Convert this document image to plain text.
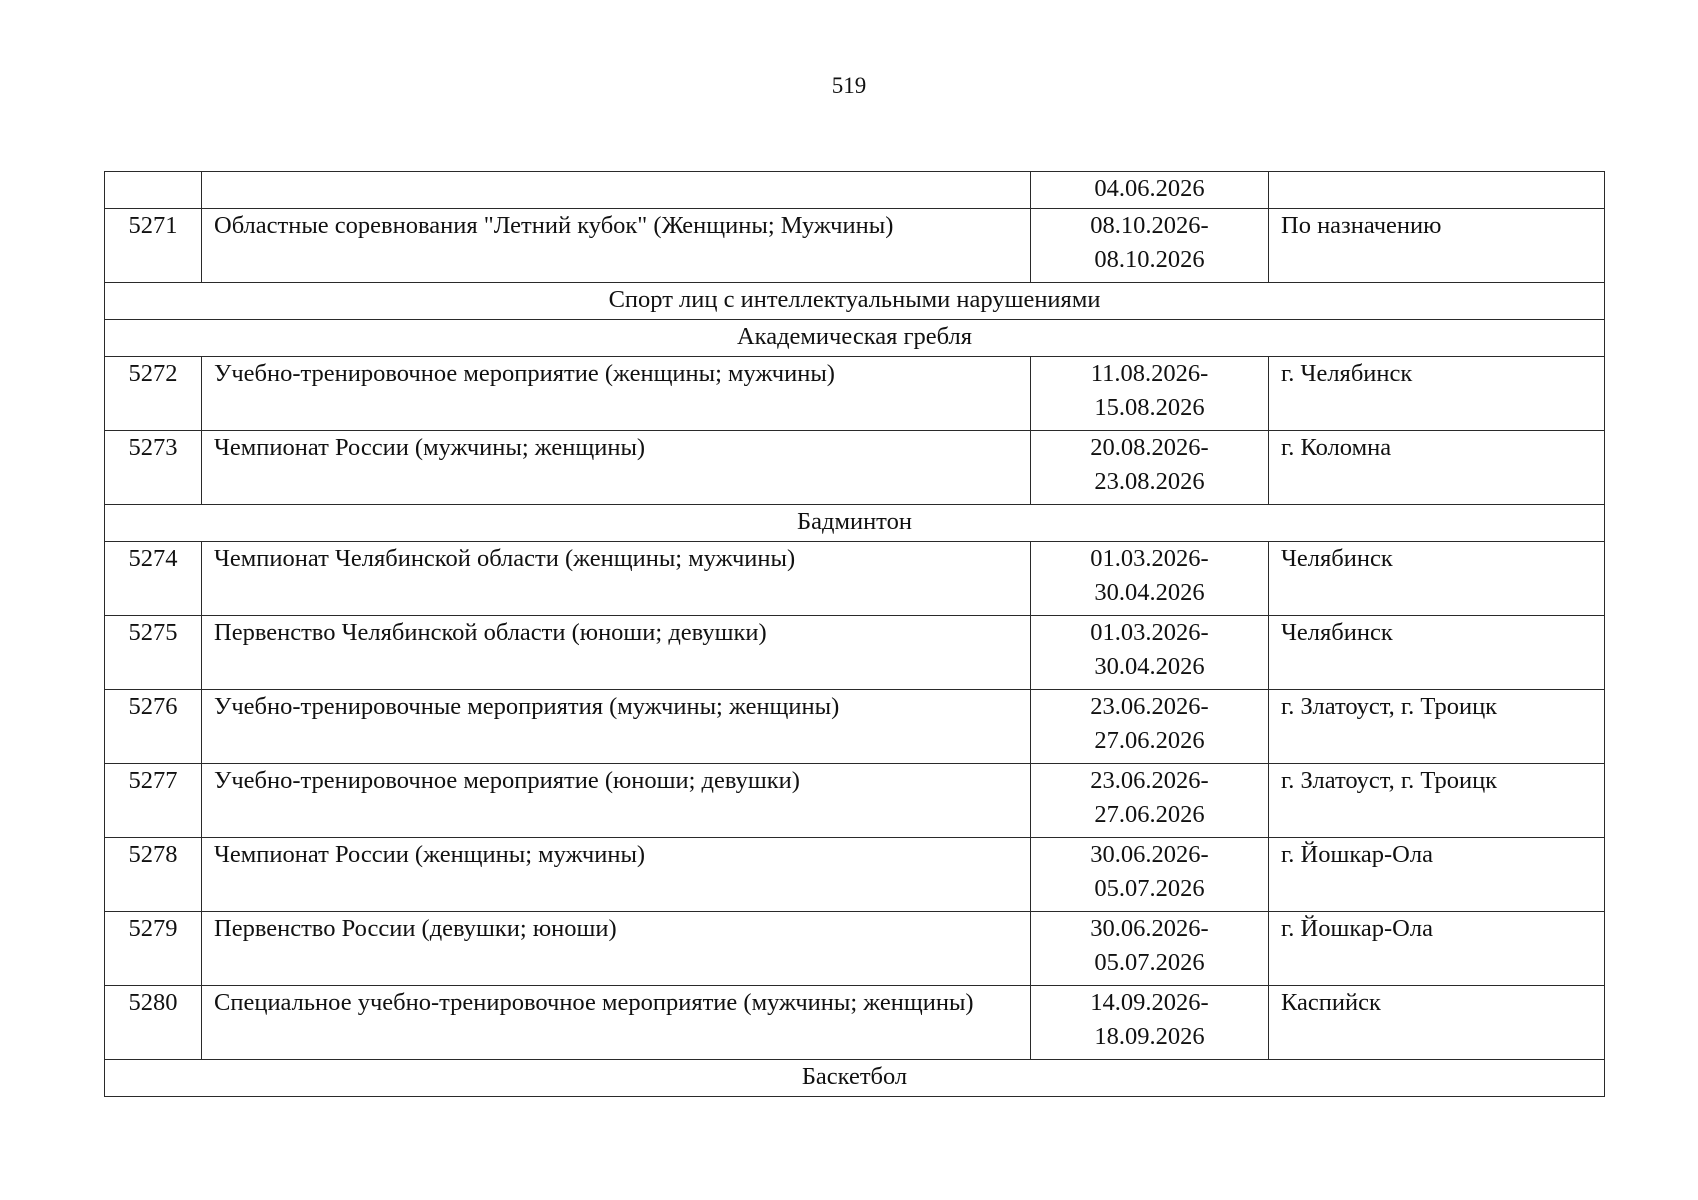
519

		04.06.2026	

5271	Областные соревнования "Летний кубок" (Женщины; Мужчины)	08.10.2026-
08.10.2026	По назначению
Спорт лиц с интеллектуальными нарушениями			
Академическая гребля			
5272	Учебно-тренировочное мероприятие (женщины; мужчины)	11.08.2026-
15.08.2026	г. Челябинск
5273	Чемпионат России (мужчины; женщины)	20.08.2026-
23.08.2026	г. Коломна
Бадминтон			
5274	Чемпионат Челябинской области (женщины; мужчины)	01.03.2026-
30.04.2026	Челябинск
5275	Первенство Челябинской области (юноши; девушки)	01.03.2026-
30.04.2026	Челябинск
5276	Учебно-тренировочные мероприятия (мужчины; женщины)	23.06.2026-
27.06.2026	г. Златоуст, г. Троицк
5277	Учебно-тренировочное мероприятие (юноши; девушки)	23.06.2026-
27.06.2026	г. Златоуст, г. Троицк
5278	Чемпионат России (женщины; мужчины)	30.06.2026-
05.07.2026	г. Йошкар-Ола
5279	Первенство России (девушки; юноши)	30.06.2026-
05.07.2026	г. Йошкар-Ола
5280	Специальное учебно-тренировочное мероприятие (мужчины; женщины)	14.09.2026-
18.09.2026	Каспийск
Баскетбол			
